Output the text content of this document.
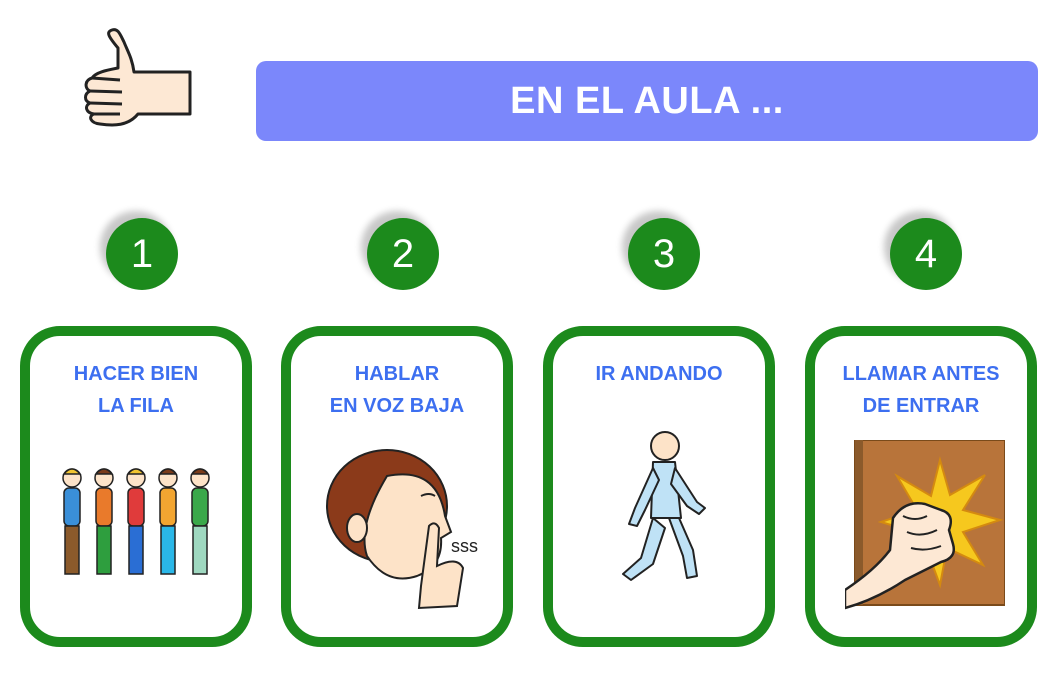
EN EL AULA ...
1	2	3	4
HACER BIEN
LA FILA
HABLAR
EN VOZ BAJA
sss
IR ANDANDO	LLAMAR ANTES
DE ENTRAR
